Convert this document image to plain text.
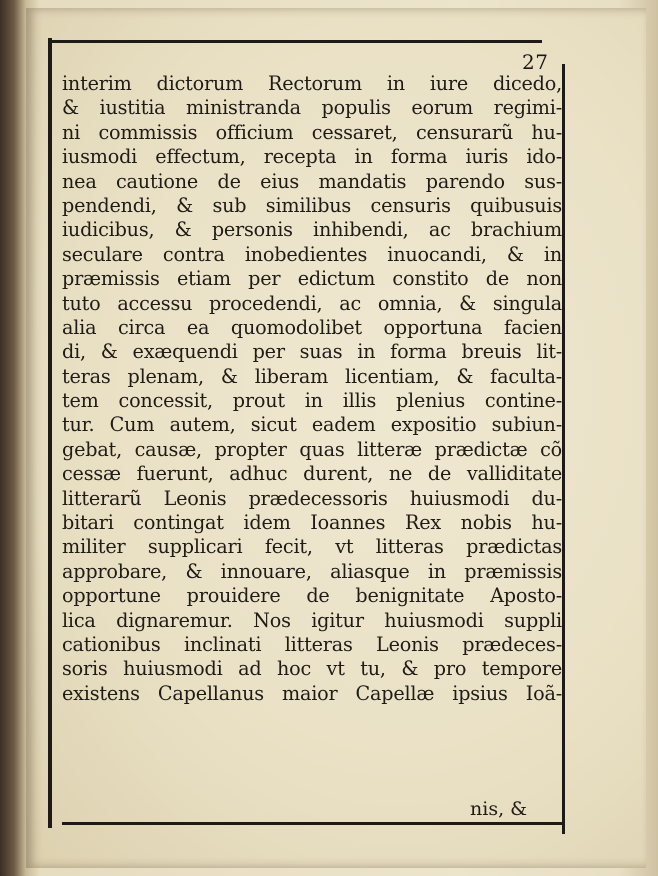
27
interim dictorum Rectorum in iure dicedo,
& iustitia ministranda populis eorum regimi-
ni commissis officium cessaret, censurarũ hu-
iusmodi effectum, recepta in forma iuris ido-
nea cautione de eius mandatis parendo sus-
pendendi, & sub similibus censuris quibusuis
iudicibus, & personis inhibendi, ac brachium
seculare contra inobedientes inuocandi, & in
præmissis etiam per edictum constito de non
tuto accessu procedendi, ac omnia, & singula
alia circa ea quomodolibet opportuna facien
di, & exæquendi per suas in forma breuis lit-
teras plenam, & liberam licentiam, & faculta-
tem concessit, prout in illis plenius contine-
tur. Cum autem, sicut eadem expositio subiun-
gebat, causæ, propter quas litteræ prædictæ cõ
cessæ fuerunt, adhuc durent, ne de valliditate
litterarũ Leonis prædecessoris huiusmodi du-
bitari contingat idem Ioannes Rex nobis hu-
militer supplicari fecit, vt litteras prædictas
approbare, & innouare, aliasque in præmissis
opportune prouidere de benignitate Aposto-
lica dignaremur. Nos igitur huiusmodi suppli
cationibus inclinati litteras Leonis prædeces-
soris huiusmodi ad hoc vt tu, & pro tempore
existens Capellanus maior Capellæ ipsius Ioã-
nis, &
